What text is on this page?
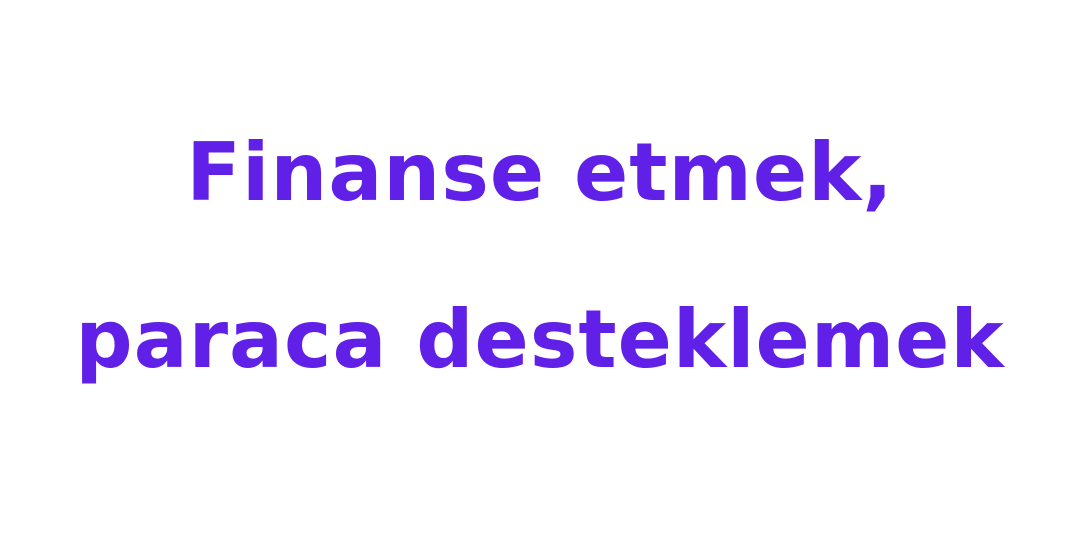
Finanse etmek,
paraca desteklemek
